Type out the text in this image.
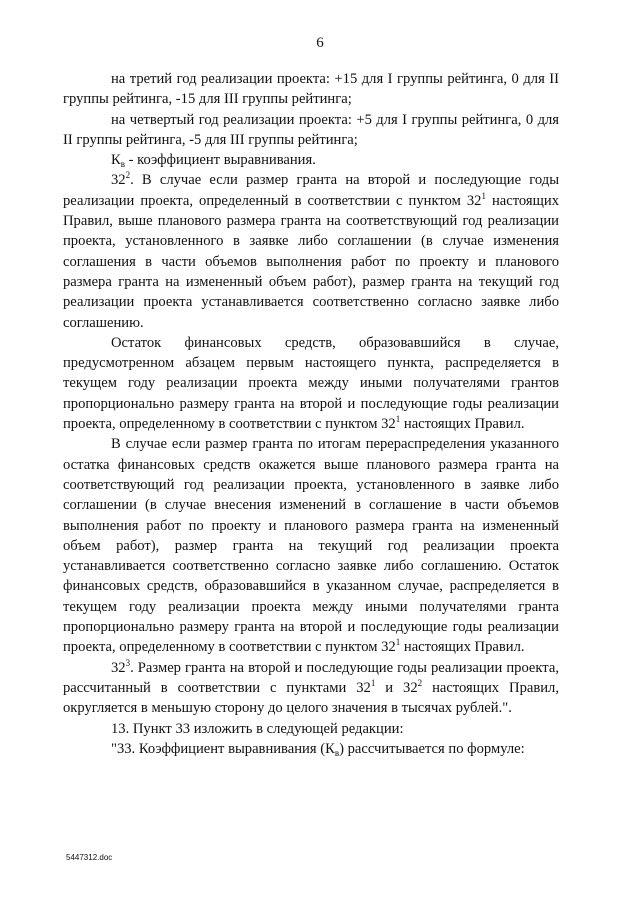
6

на третий год реализации проекта: +15 для I группы рейтинга, 0 для II группы рейтинга, -15 для III группы рейтинга;

на четвертый год реализации проекта: +5 для I группы рейтинга, 0 для II группы рейтинга, -5 для III группы рейтинга;

$К_в$ - коэффициент выравнивания.

$32^2$. В случае если размер гранта на второй и последующие годы реализации проекта, определенный в соответствии с пунктом $32^1$ настоящих Правил, выше планового размера гранта на соответствующий год реализации проекта, установленного в заявке либо соглашении (в случае изменения соглашения в части объемов выполнения работ по проекту и планового размера гранта на измененный объем работ), размер гранта на текущий год реализации проекта устанавливается соответственно согласно заявке либо соглашению.

Остаток финансовых средств, образовавшийся в случае, предусмотренном абзацем первым настоящего пункта, распределяется в текущем году реализации проекта между иными получателями грантов пропорционально размеру гранта на второй и последующие годы реализации проекта, определенному в соответствии с пунктом $32^1$ настоящих Правил.

В случае если размер гранта по итогам перераспределения указанного остатка финансовых средств окажется выше планового размера гранта на соответствующий год реализации проекта, установленного в заявке либо соглашении (в случае внесения изменений в соглашение в части объемов выполнения работ по проекту и планового размера гранта на измененный объем работ), размер гранта на текущий год реализации проекта устанавливается соответственно согласно заявке либо соглашению. Остаток финансовых средств, образовавшийся в указанном случае, распределяется в текущем году реализации проекта между иными получателями гранта пропорционально размеру гранта на второй и последующие годы реализации проекта, определенному в соответствии с пунктом $32^1$ настоящих Правил.

$32^3$. Размер гранта на второй и последующие годы реализации проекта, рассчитанный в соответствии с пунктами $32^1$ и $32^2$ настоящих Правил, округляется в меньшую сторону до целого значения в тысячах рублей.".

13. Пункт 33 изложить в следующей редакции:

"33. Коэффициент выравнивания $(К_в)$ рассчитывается по формуле:

5447312.doc
